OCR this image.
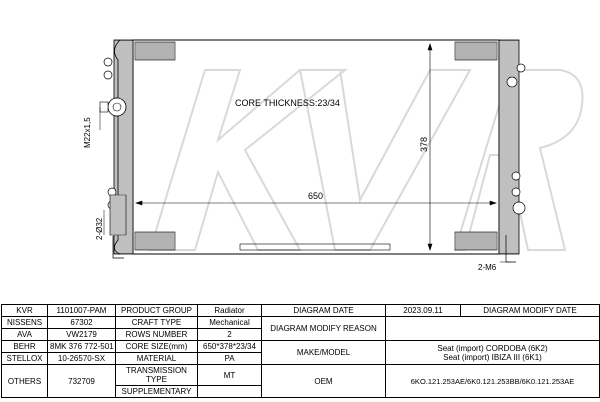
CORE THICKNESS:23/34
650
378
M22x1,5
2-Ø32
2-M6
KVR	1101007-PAM	PRODUCT GROUP	Radiator	DIAGRAM DATE	2023.09.11 DIAGRAM MODIFY DATE

NISSENS	67302	CRAFT TYPE	Mechanical	DIAGRAM MODIFY REASON	
AVA	VW2179	ROWS NUMBER	2		
BEHR	8MK 376 772-501	CORE SIZE(mm)	650*378*23/34	MAKE/MODEL	Seat (import) CORDOBA (6K2)
Seat (import) IBIZA III (6K1)

STELLOX	10-26570-SX	MATERIAL	PA		
OTHERS	732709	TRANSMISSION TYPE	MT	OEM	6KO.121.253AE/6K0.121.253BB/6K0.121.253AE
		SUPPLEMENTARY			
